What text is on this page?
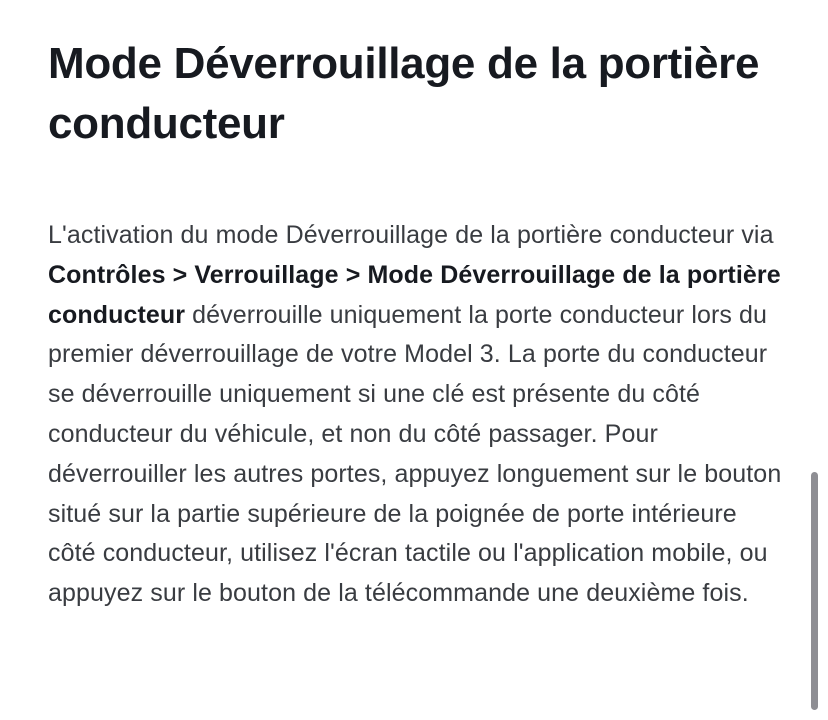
Mode Déverrouillage de la portière conducteur

L'activation du mode Déverrouillage de la portière conducteur via Contrôles > Verrouillage > Mode Déverrouillage de la portière conducteur déverrouille uniquement la porte conducteur lors du premier déverrouillage de votre Model 3. La porte du conducteur se déverrouille uniquement si une clé est présente du côté conducteur du véhicule, et non du côté passager. Pour déverrouiller les autres portes, appuyez longuement sur le bouton situé sur la partie supérieure de la poignée de porte intérieure côté conducteur, utilisez l'écran tactile ou l'application mobile, ou appuyez sur le bouton de la télécommande une deuxième fois.
